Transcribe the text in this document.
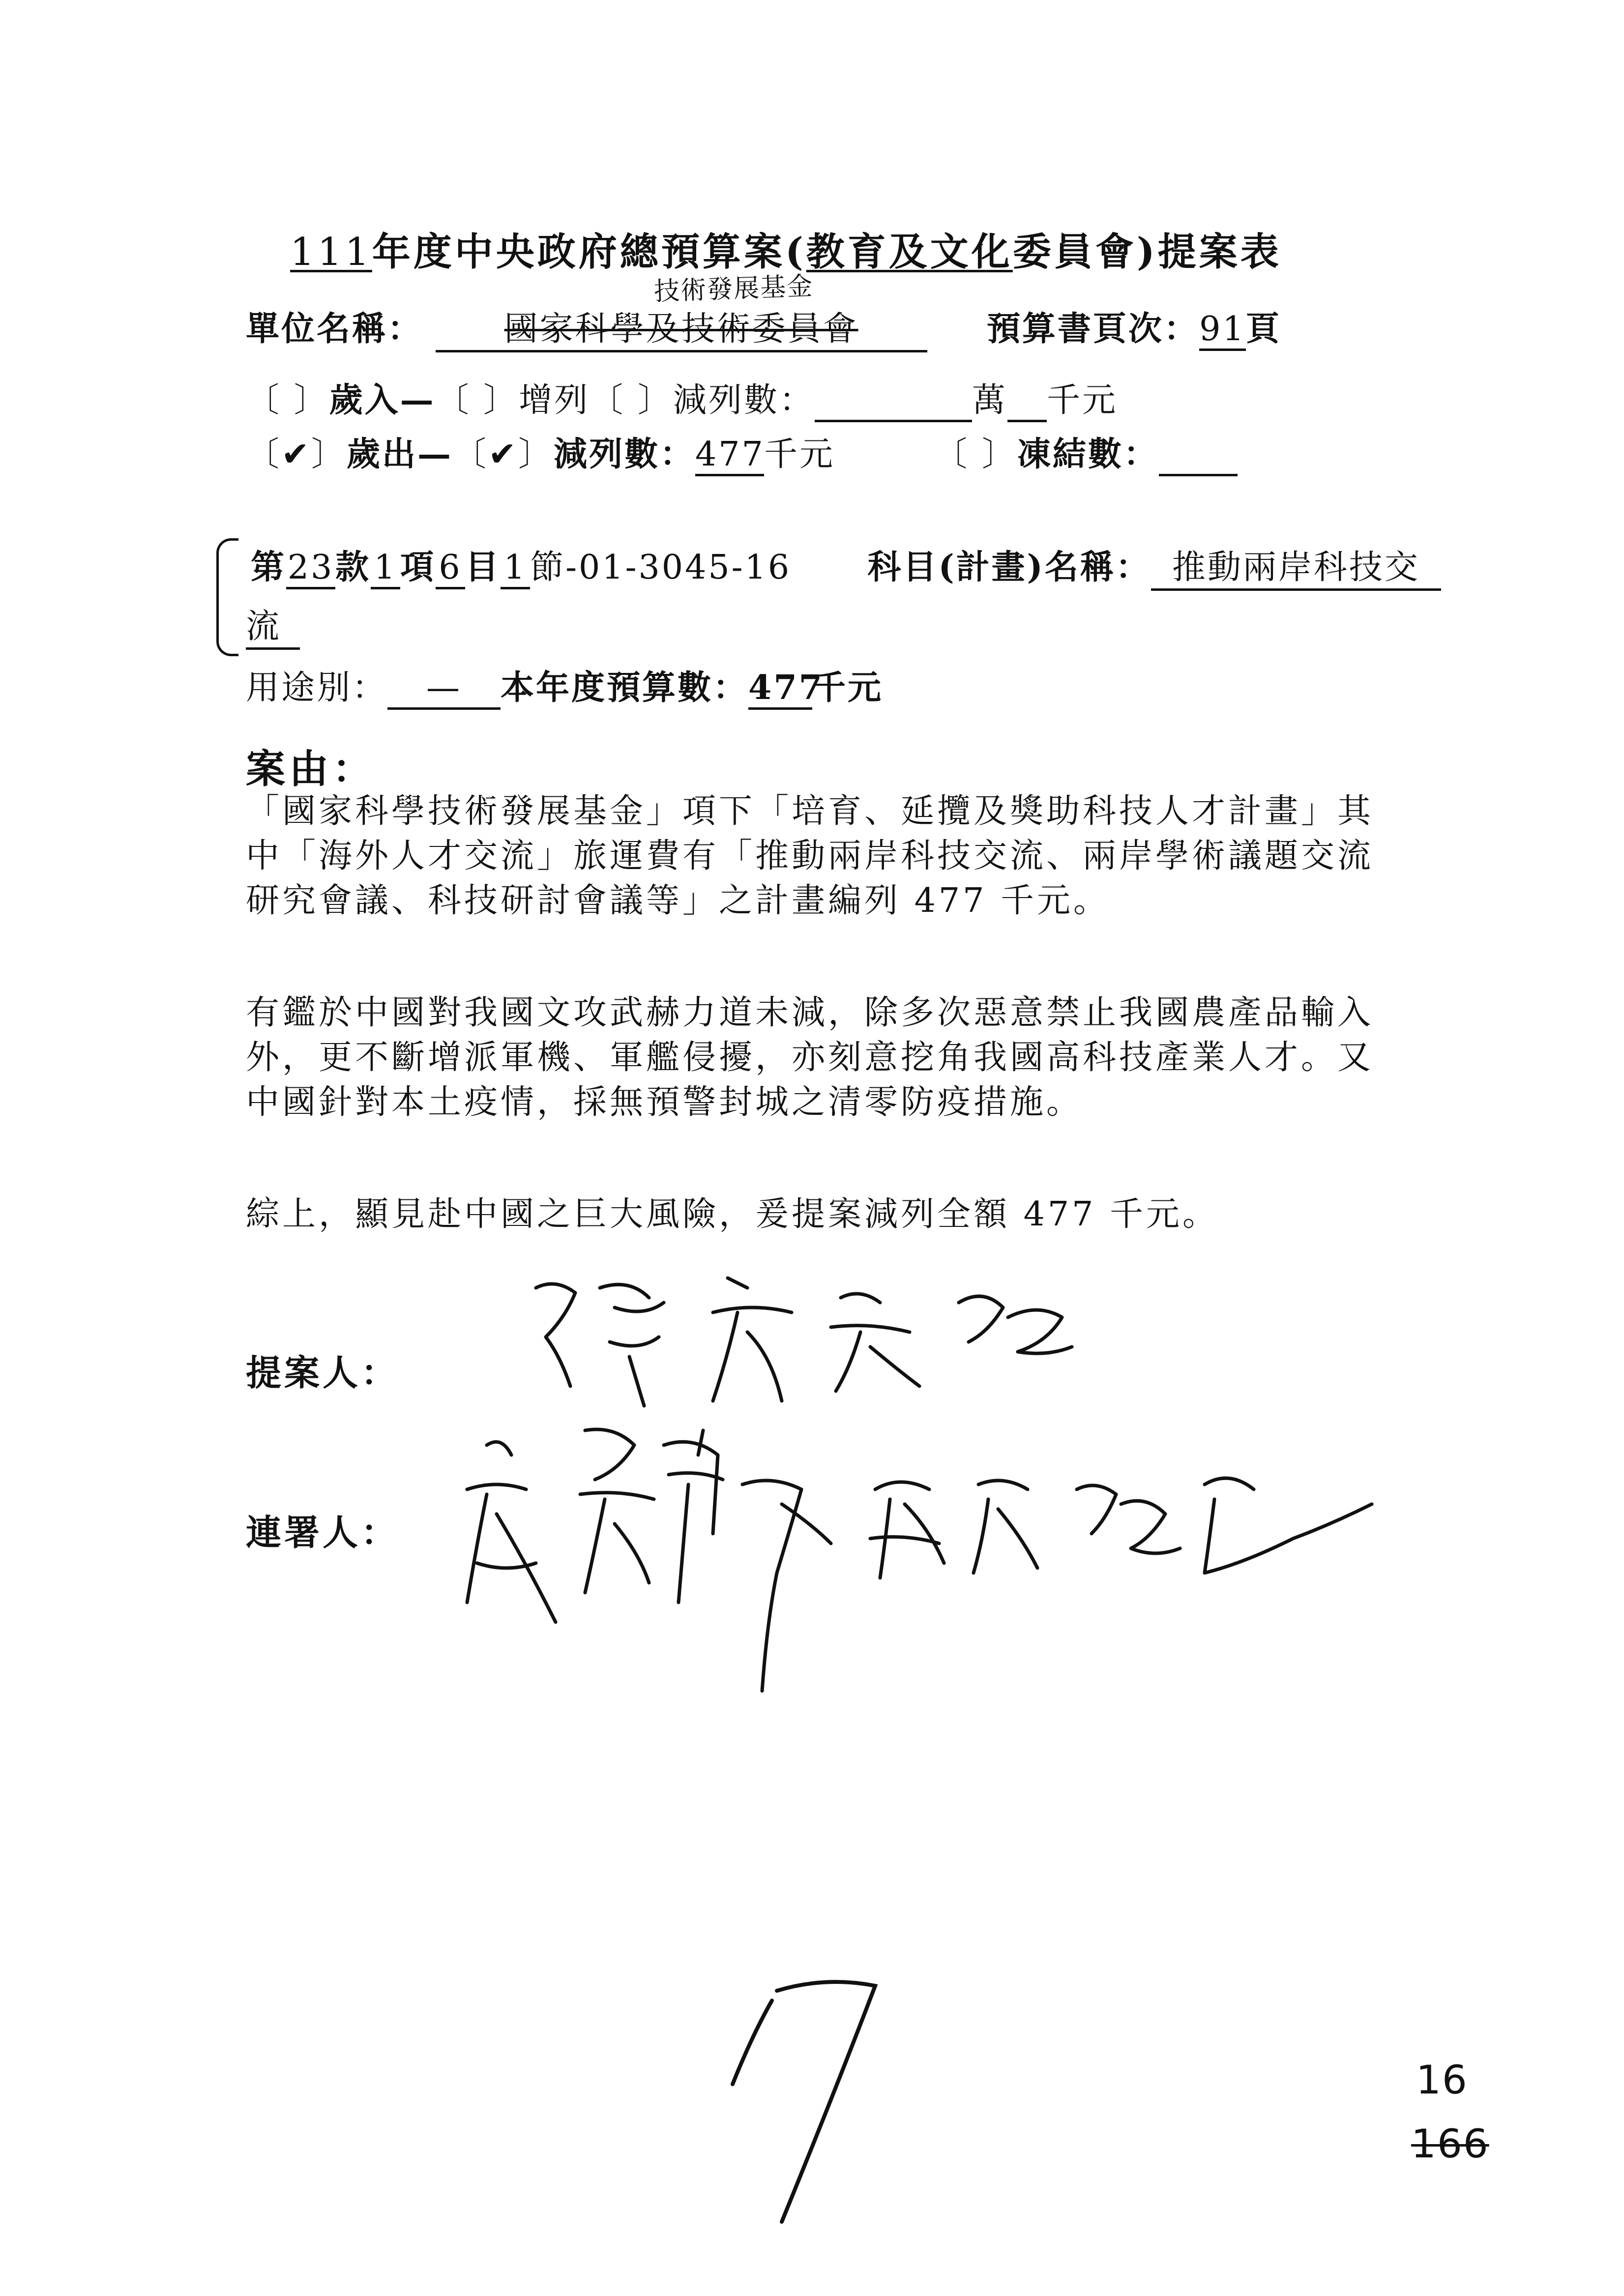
111年度中央政府總預算案(教育及文化委員會)提案表
技術發展基金
單位名稱： 國家科學及技術委員會	預算書頁次：91頁
〔 〕歲入—〔 〕增列〔 〕減列數：	萬 千元
〔✔〕歲出—〔✔〕減列數：477千元	〔 〕凍結數：
第23款1項6目1節-01-3045-16 科目(計畫)名稱： 推動兩岸科技交
流
用途別： — 本年度預算數：477千元
案由：
「國家科學技術發展基金」項下「培育、延攬及獎助科技人才計畫」其中「海外人才交流」旅運費有「推動兩岸科技交流、兩岸學術議題交流研究會議、科技研討會議等」之計畫編列 477 千元。
有鑑於中國對我國文攻武赫力道未減，除多次惡意禁止我國農產品輸入外，更不斷增派軍機、軍艦侵擾，亦刻意挖角我國高科技產業人才。又中國針對本土疫情，採無預警封城之清零防疫措施。
綜上，顯見赴中國之巨大風險，爰提案減列全額 477 千元。
提案人：
連署人：
16
166
